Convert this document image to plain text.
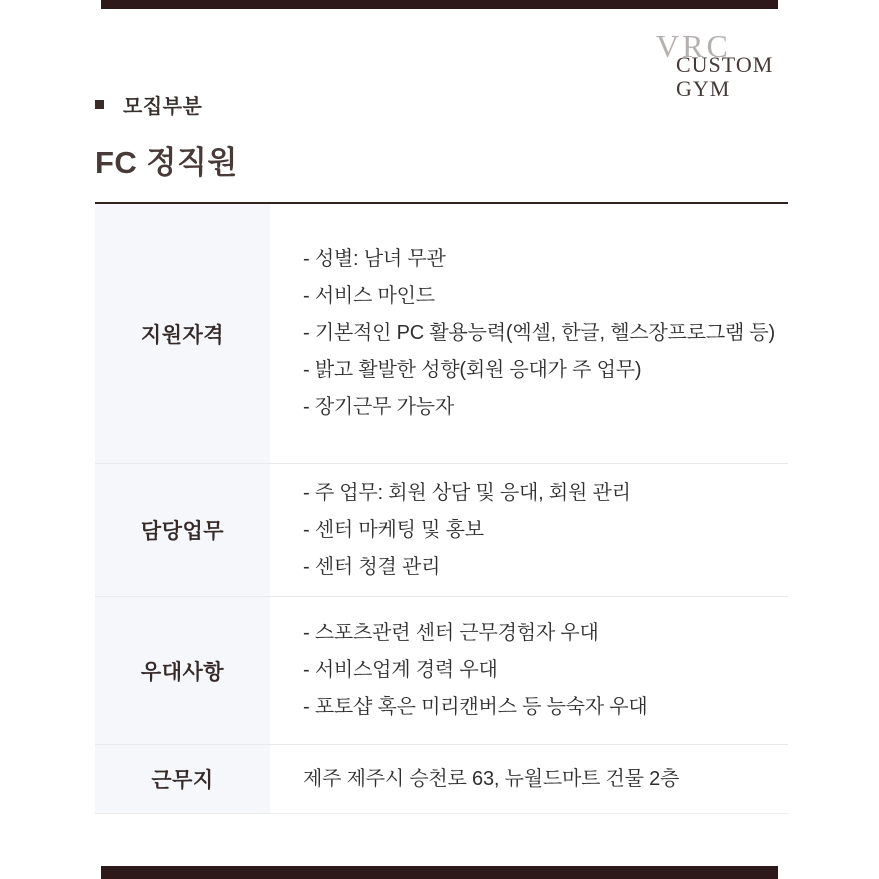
VRC
CUSTOM
GYM
모집부분
FC 정직원
지원자격
- 성별: 남녀 무관
- 서비스 마인드
- 기본적인 PC 활용능력(엑셀, 한글, 헬스장프로그램 등)
- 밝고 활발한 성향(회원 응대가 주 업무)
- 장기근무 가능자
담당업무
- 주 업무: 회원 상담 및 응대, 회원 관리
- 센터 마케팅 및 홍보
- 센터 청결 관리
우대사항
- 스포츠관련 센터 근무경험자 우대
- 서비스업계 경력 우대
- 포토샵 혹은 미리캔버스 등 능숙자 우대
근무지	제주 제주시 승천로 63, 뉴월드마트 건물 2층
